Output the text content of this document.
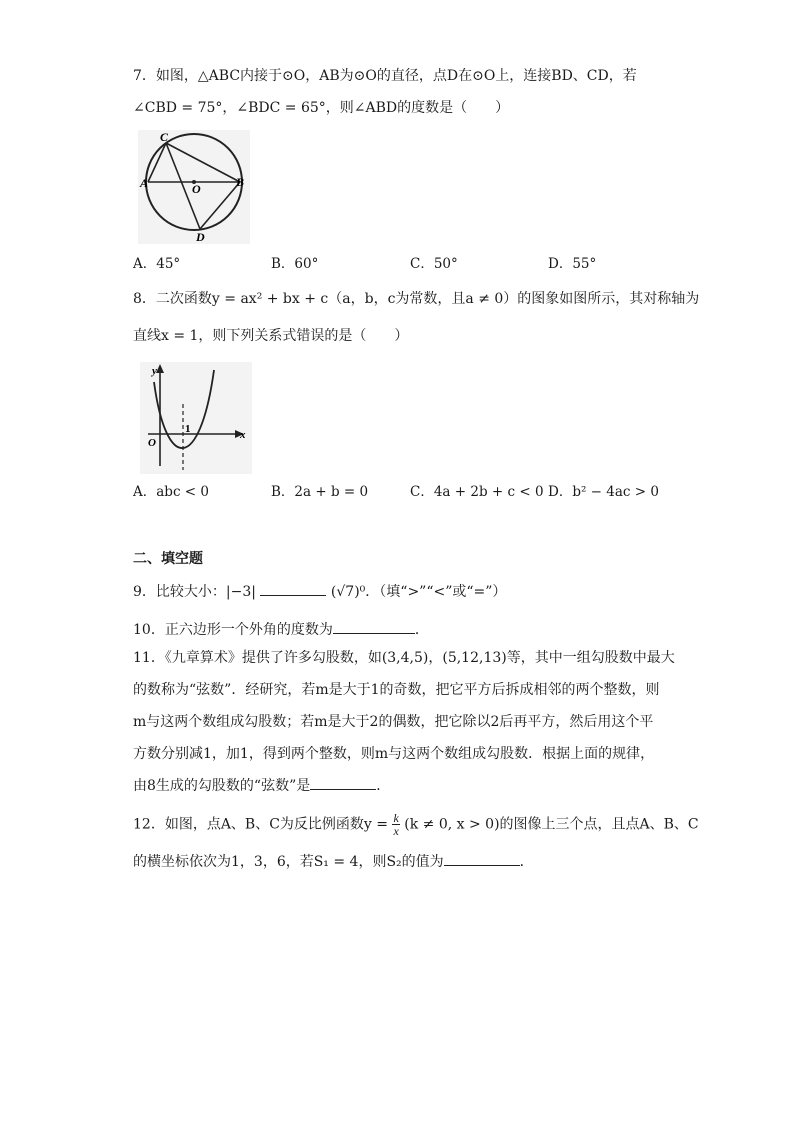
7．如图，△ABC内接于⊙O，AB为⊙O的直径，点D在⊙O上，连接BD、CD，若
∠CBD = 75°，∠BDC = 65°，则∠ABD的度数是（　　）
C
A	O	B
D
A．45°	B．60°	C．50°	D．55°
8．二次函数y = ax² + bx + c（a，b，c为常数，且a ≠ 0）的图象如图所示，其对称轴为
直线x = 1，则下列关系式错误的是（　　）
y
x
O
1
A．abc < 0	B．2a + b = 0	C．4a + 2b + c < 0 D．b² − 4ac > 0
二、填空题
9．比较大小：|−3|	(√7)⁰．（填“>”“<”或“=”）
10．正六边形一个外角的度数为	．
11．《九章算术》提供了许多勾股数，如(3,4,5)，(5,12,13)等，其中一组勾股数中最大
的数称为“弦数”．经研究，若m是大于1的奇数，把它平方后拆成相邻的两个整数，则
m与这两个数组成勾股数；若m是大于2的偶数，把它除以2后再平方，然后用这个平
方数分别减1，加1，得到两个整数，则m与这两个数组成勾股数．根据上面的规律，
由8生成的勾股数的“弦数”是	．
12．如图，点A、B、C为反比例函数$y = \frac{k}{x} (k \ne 0$, x > 0)的图像上三个点，且点A、B、C
的横坐标依次为1，3，6，若S₁ = 4，则S₂的值为	．
